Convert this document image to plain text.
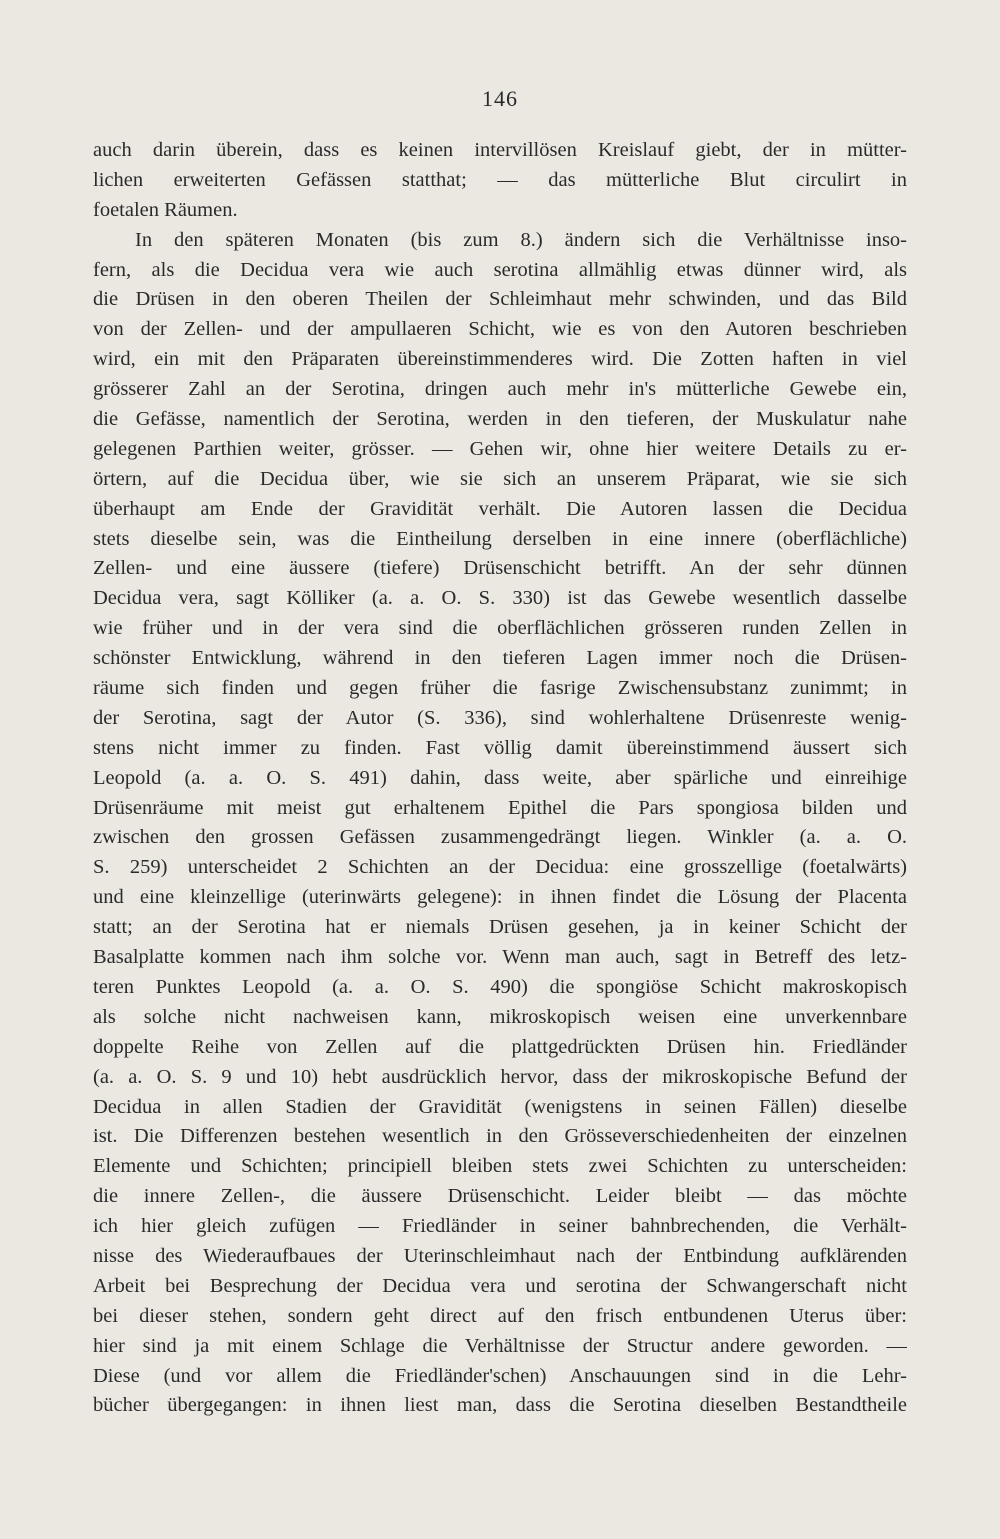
146
auch darin überein, dass es keinen intervillösen Kreislauf giebt, der in mütter-
lichen erweiterten Gefässen statthat; — das mütterliche Blut circulirt in
foetalen Räumen.
In den späteren Monaten (bis zum 8.) ändern sich die Verhältnisse inso-
fern, als die Decidua vera wie auch serotina allmählig etwas dünner wird, als
die Drüsen in den oberen Theilen der Schleimhaut mehr schwinden, und das Bild
von der Zellen- und der ampullaeren Schicht, wie es von den Autoren beschrieben
wird, ein mit den Präparaten übereinstimmenderes wird. Die Zotten haften in viel
grösserer Zahl an der Serotina, dringen auch mehr in's mütterliche Gewebe ein,
die Gefässe, namentlich der Serotina, werden in den tieferen, der Muskulatur nahe
gelegenen Parthien weiter, grösser. — Gehen wir, ohne hier weitere Details zu er-
örtern, auf die Decidua über, wie sie sich an unserem Präparat, wie sie sich
überhaupt am Ende der Gravidität verhält. Die Autoren lassen die Decidua
stets dieselbe sein, was die Eintheilung derselben in eine innere (oberflächliche)
Zellen- und eine äussere (tiefere) Drüsenschicht betrifft. An der sehr dünnen
Decidua vera, sagt Kölliker (a. a. O. S. 330) ist das Gewebe wesentlich dasselbe
wie früher und in der vera sind die oberflächlichen grösseren runden Zellen in
schönster Entwicklung, während in den tieferen Lagen immer noch die Drüsen-
räume sich finden und gegen früher die fasrige Zwischensubstanz zunimmt; in
der Serotina, sagt der Autor (S. 336), sind wohlerhaltene Drüsenreste wenig-
stens nicht immer zu finden. Fast völlig damit übereinstimmend äussert sich
Leopold (a. a. O. S. 491) dahin, dass weite, aber spärliche und einreihige
Drüsenräume mit meist gut erhaltenem Epithel die Pars spongiosa bilden und
zwischen den grossen Gefässen zusammengedrängt liegen. Winkler (a. a. O.
S. 259) unterscheidet 2 Schichten an der Decidua: eine grosszellige (foetalwärts)
und eine kleinzellige (uterinwärts gelegene): in ihnen findet die Lösung der Placenta
statt; an der Serotina hat er niemals Drüsen gesehen, ja in keiner Schicht der
Basalplatte kommen nach ihm solche vor. Wenn man auch, sagt in Betreff des letz-
teren Punktes Leopold (a. a. O. S. 490) die spongiöse Schicht makroskopisch
als solche nicht nachweisen kann, mikroskopisch weisen eine unverkennbare
doppelte Reihe von Zellen auf die plattgedrückten Drüsen hin. Friedländer
(a. a. O. S. 9 und 10) hebt ausdrücklich hervor, dass der mikroskopische Befund der
Decidua in allen Stadien der Gravidität (wenigstens in seinen Fällen) dieselbe
ist. Die Differenzen bestehen wesentlich in den Grösseverschiedenheiten der einzelnen
Elemente und Schichten; principiell bleiben stets zwei Schichten zu unterscheiden:
die innere Zellen-, die äussere Drüsenschicht. Leider bleibt — das möchte
ich hier gleich zufügen — Friedländer in seiner bahnbrechenden, die Verhält-
nisse des Wiederaufbaues der Uterinschleimhaut nach der Entbindung aufklärenden
Arbeit bei Besprechung der Decidua vera und serotina der Schwangerschaft nicht
bei dieser stehen, sondern geht direct auf den frisch entbundenen Uterus über:
hier sind ja mit einem Schlage die Verhältnisse der Structur andere geworden. —
Diese (und vor allem die Friedländer'schen) Anschauungen sind in die Lehr-
bücher übergegangen: in ihnen liest man, dass die Serotina dieselben Bestandtheile
